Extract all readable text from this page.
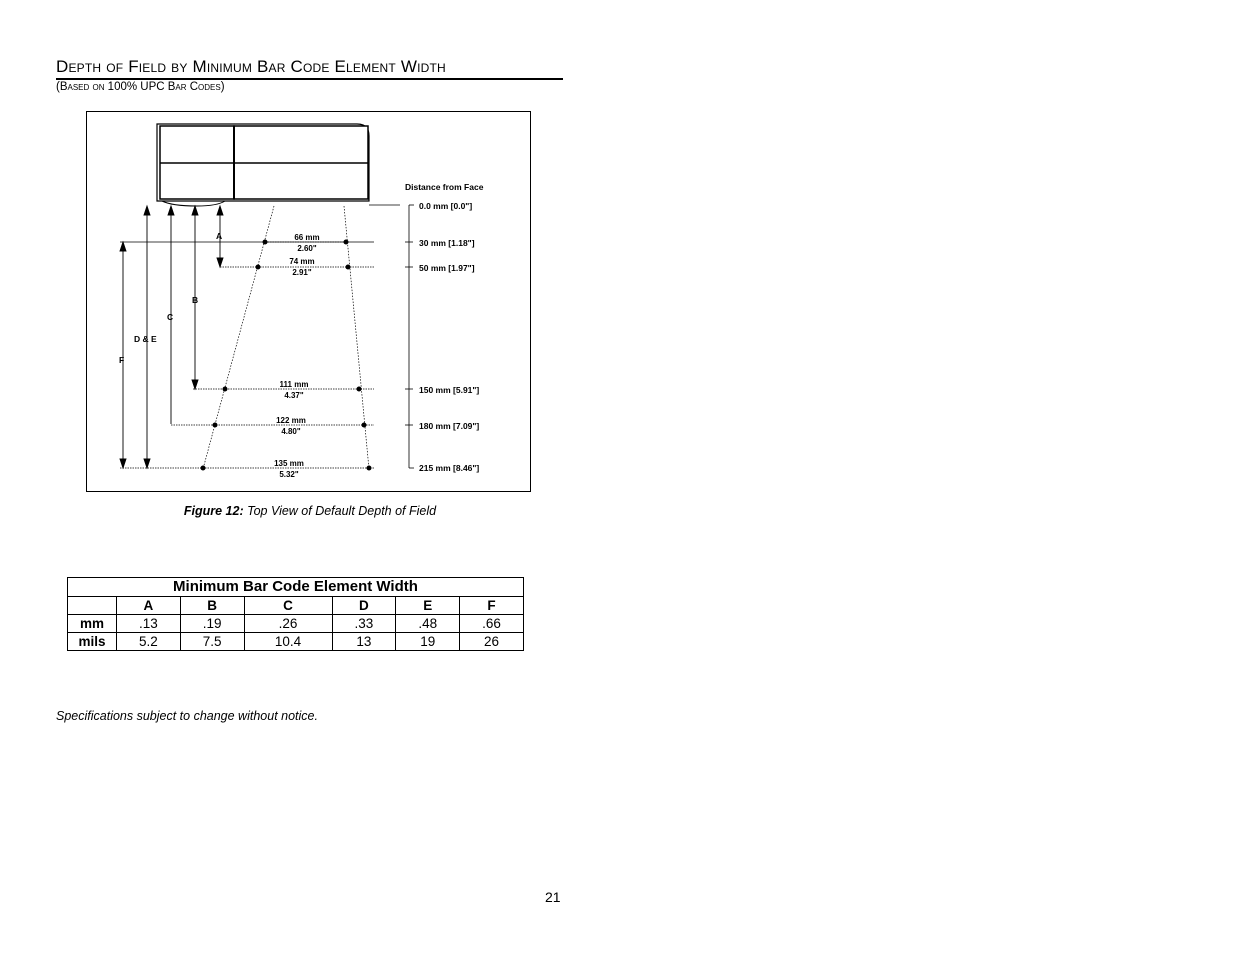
Depth of Field by Minimum Bar Code Element Width
(Based on 100% UPC Bar Codes)
Distance from Face
0.0 mm [0.0"]
30 mm [1.18"]
50 mm [1.97"]
150 mm [5.91"]
180 mm [7.09"]
215 mm [8.46"]
66 mm
2.60"
74 mm
2.91"
111 mm
4.37"
122 mm
4.80"
135 mm
5.32"
A
B
C
D & E
F
Figure 12: Top View of Default Depth of Field
Minimum Bar Code Element Width						
	A	B	C	D	E	F
mm	.13	.19	.26	.33	.48	.66
mils	5.2	7.5	10.4	13	19	26
Specifications subject to change without notice.
21
